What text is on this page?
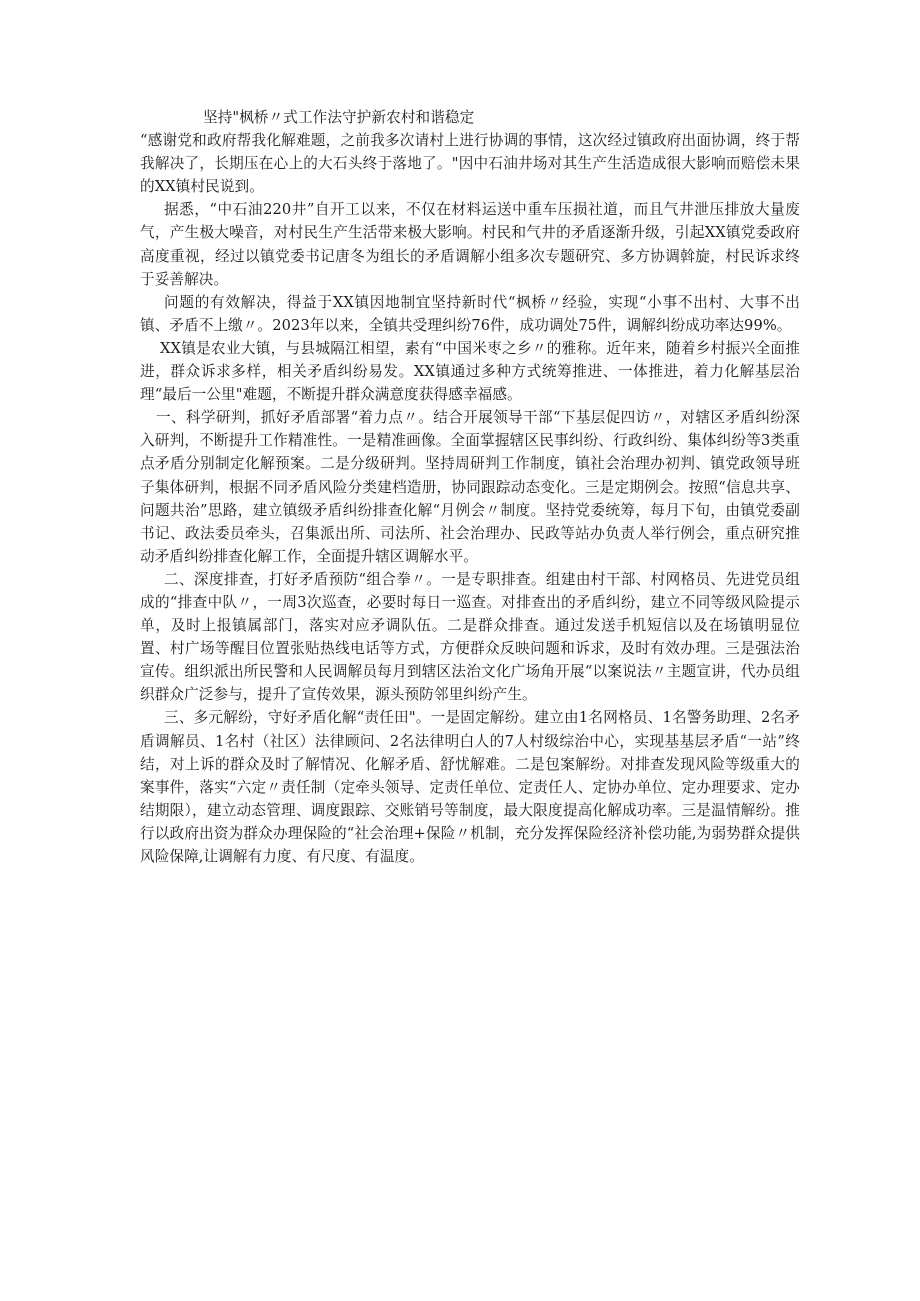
坚持"枫桥〃式工作法守护新农村和谐稳定

“感谢党和政府帮我化解难题，之前我多次请村上进行协调的事情，这次经过镇政府出面协调，终于帮我解决了，长期压在心上的大石头终于落地了。"因中石油井场对其生产生活造成很大影响而赔偿未果的XX镇村民说到。

据悉，“中石油220井”自开工以来，不仅在材料运送中重车压损社道，而且气井泄压排放大量废气，产生极大噪音，对村民生产生活带来极大影响。村民和气井的矛盾逐渐升级，引起XX镇党委政府高度重视，经过以镇党委书记唐冬为组长的矛盾调解小组多次专题研究、多方协调斡旋，村民诉求终于妥善解决。

问题的有效解决，得益于XX镇因地制宜坚持新时代“枫桥〃经验，实现“小事不出村、大事不出镇、矛盾不上缴〃。2023年以来，全镇共受理纠纷76件，成功调处75件，调解纠纷成功率达99%。

XX镇是农业大镇，与县城隔江相望，素有“中国米枣之乡〃的雅称。近年来，随着乡村振兴全面推进，群众诉求多样，相关矛盾纠纷易发。XX镇通过多种方式统筹推进、一体推进，着力化解基层治理“最后一公里"难题，不断提升群众满意度获得感幸福感。

一、科学研判，抓好矛盾部署“着力点〃。结合开展领导干部“下基层促四访〃，对辖区矛盾纠纷深入研判，不断提升工作精准性。一是精准画像。全面掌握辖区民事纠纷、行政纠纷、集体纠纷等3类重点矛盾分别制定化解预案。二是分级研判。坚持周研判工作制度，镇社会治理办初判、镇党政领导班子集体研判，根据不同矛盾风险分类建档造册，协同跟踪动态变化。三是定期例会。按照“信息共享、问题共治”思路，建立镇级矛盾纠纷排查化解“月例会〃制度。坚持党委统筹，每月下旬，由镇党委副书记、政法委员牵头，召集派出所、司法所、社会治理办、民政等站办负责人举行例会，重点研究推动矛盾纠纷排查化解工作，全面提升辖区调解水平。

二、深度排查，打好矛盾预防“组合拳〃。一是专职排查。组建由村干部、村网格员、先进党员组成的“排查中队〃，一周3次巡查，必要时每日一巡查。对排查出的矛盾纠纷，建立不同等级风险提示单，及时上报镇属部门，落实对应矛调队伍。二是群众排查。通过发送手机短信以及在场镇明显位置、村广场等醒目位置张贴热线电话等方式，方便群众反映问题和诉求，及时有效办理。三是强法治宣传。组织派出所民警和人民调解员每月到辖区法治文化广场角开展“以案说法〃主题宣讲，代办员组织群众广泛参与，提升了宣传效果，源头预防邻里纠纷产生。

三、多元解纷，守好矛盾化解“责任田"。一是固定解纷。建立由1名网格员、1名警务助理、2名矛盾调解员、1名村（社区）法律顾问、2名法律明白人的7人村级综治中心，实现基基层矛盾“一站”终结，对上诉的群众及时了解情况、化解矛盾、舒忧解难。二是包案解纷。对排查发现风险等级重大的案事件，落实“六定〃责任制（定牵头领导、定责任单位、定责任人、定协办单位、定办理要求、定办结期限），建立动态管理、调度跟踪、交账销号等制度，最大限度提高化解成功率。三是温情解纷。推行以政府出资为群众办理保险的“社会治理+保险〃机制，充分发挥保险经济补偿功能,为弱势群众提供风险保障,让调解有力度、有尺度、有温度。
